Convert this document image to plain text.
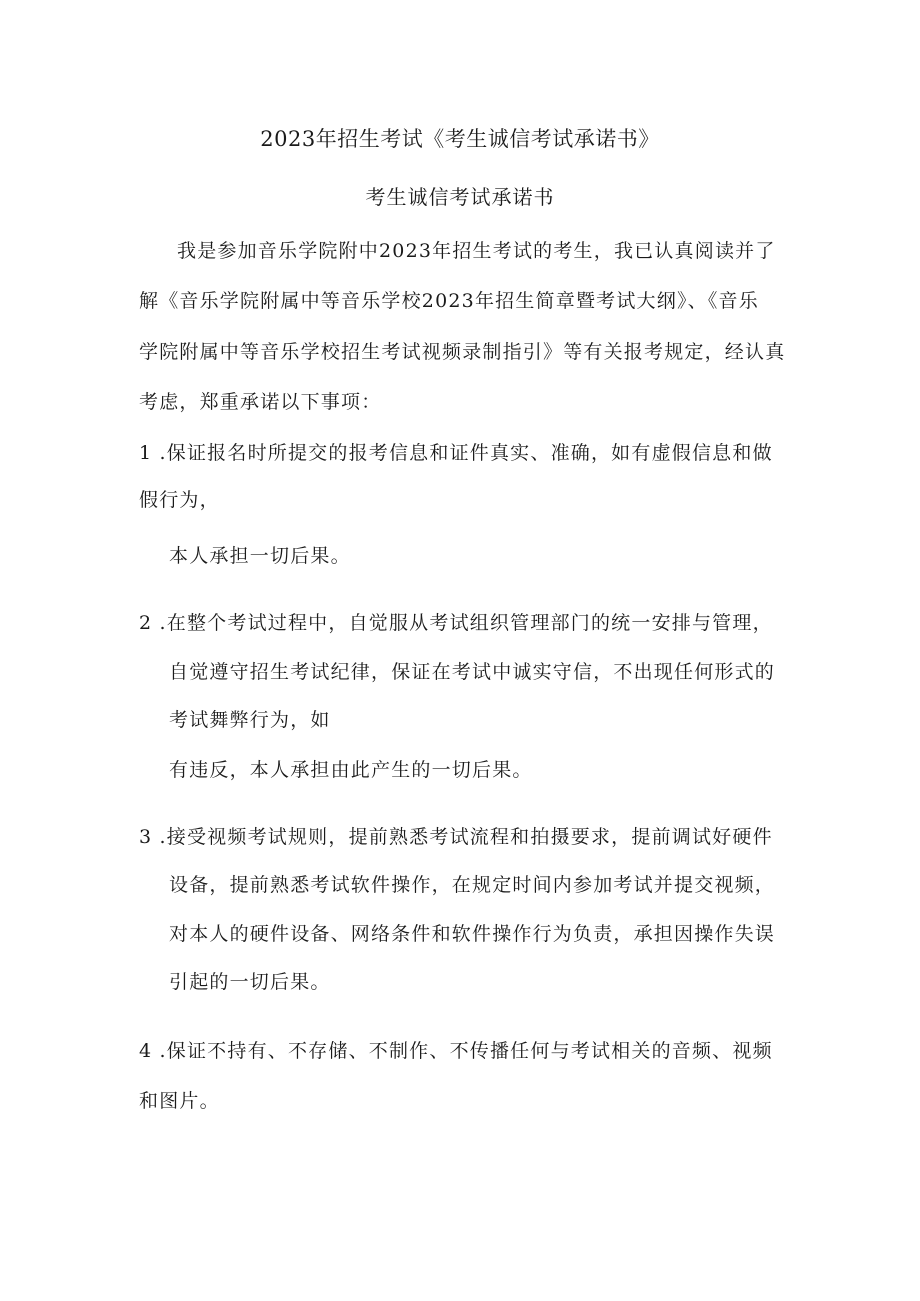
2023年招生考试《考生诚信考试承诺书》
考生诚信考试承诺书
我是参加音乐学院附中2023年招生考试的考生，我已认真阅读并了
解《音乐学院附属中等音乐学校2023年招生简章暨考试大纲》、《音乐
学院附属中等音乐学校招生考试视频录制指引》等有关报考规定，经认真
考虑，郑重承诺以下事项：
1 .保证报名时所提交的报考信息和证件真实、准确，如有虚假信息和做
假行为，
本人承担一切后果。
2 .在整个考试过程中，自觉服从考试组织管理部门的统一安排与管理，
自觉遵守招生考试纪律，保证在考试中诚实守信，不出现任何形式的
考试舞弊行为，如
有违反，本人承担由此产生的一切后果。
3 .接受视频考试规则，提前熟悉考试流程和拍摄要求，提前调试好硬件
设备，提前熟悉考试软件操作，在规定时间内参加考试并提交视频，
对本人的硬件设备、网络条件和软件操作行为负责，承担因操作失误
引起的一切后果。
4 .保证不持有、不存储、不制作、不传播任何与考试相关的音频、视频
和图片。
